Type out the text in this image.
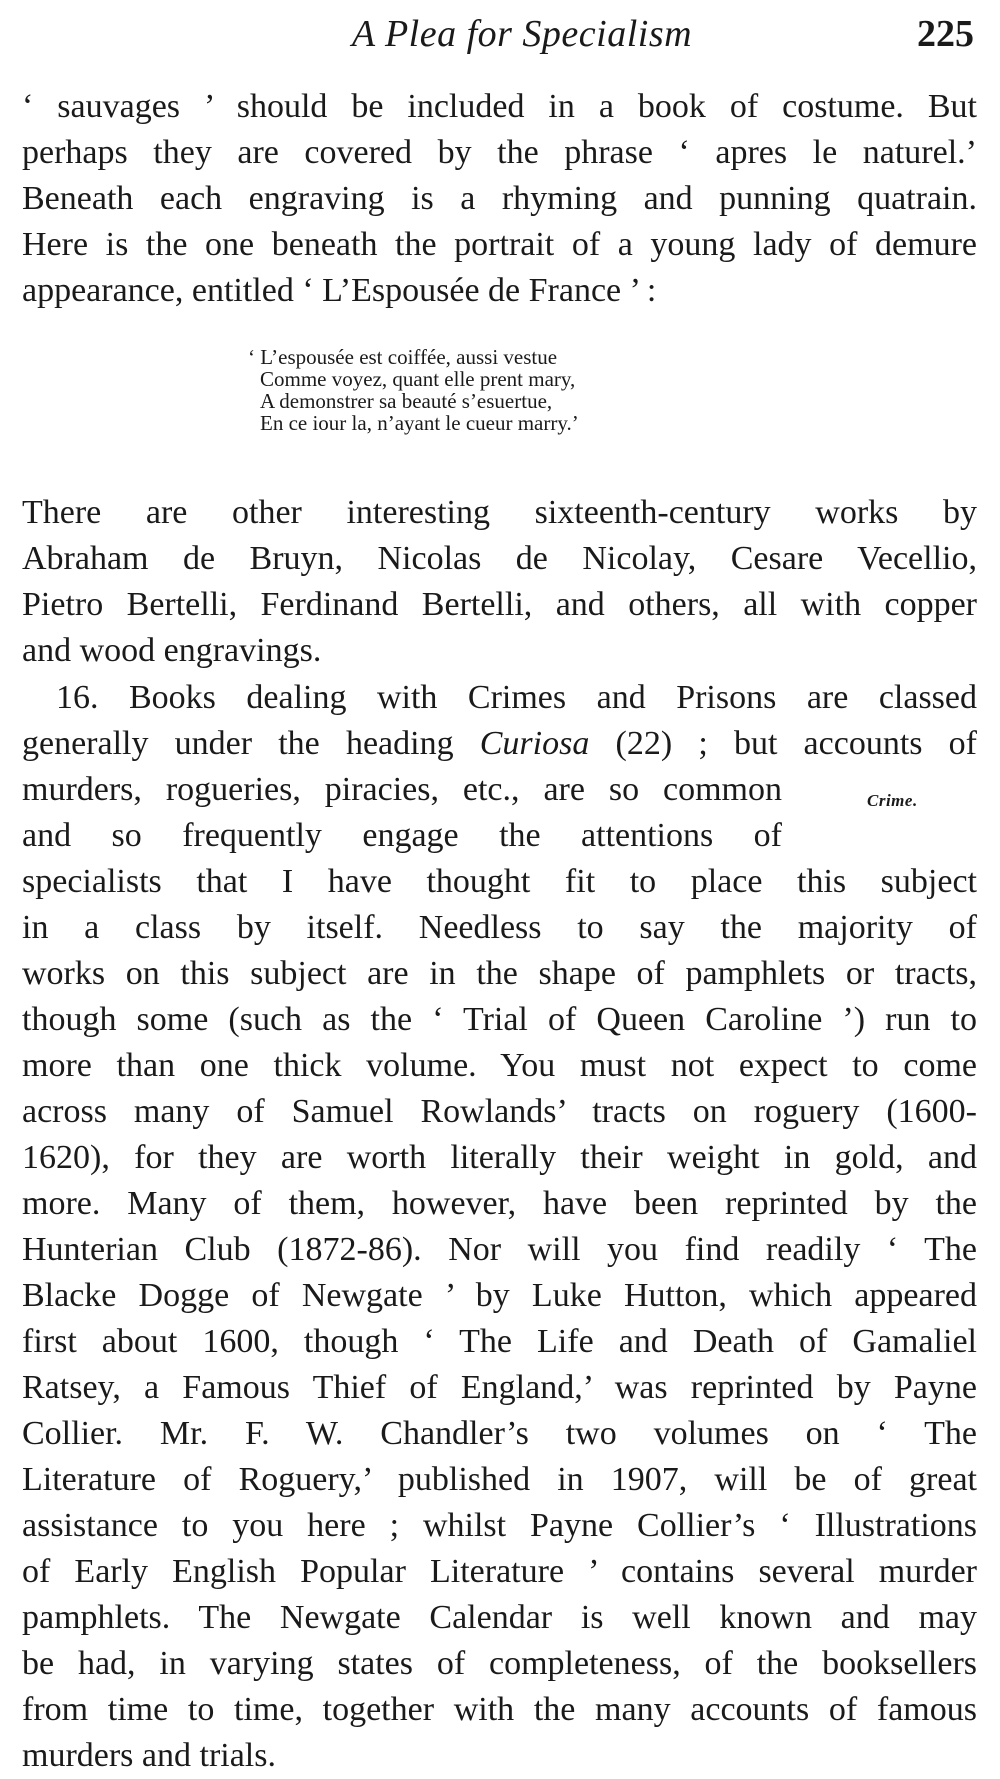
A Plea for Specialism	225
‘ sauvages ’ should be included in a book of costume. But
perhaps they are covered by the phrase ‘ apres le naturel.’
Beneath each engraving is a rhyming and punning quatrain.
Here is the one beneath the portrait of a young lady of demure
appearance, entitled ‘ L’Espousée de France ’ :
‘ L’espousée est coiffée, aussi vestue
Comme voyez, quant elle prent mary,
A demonstrer sa beauté s’esuertue,
En ce iour la, n’ayant le cueur marry.’
There are other interesting sixteenth-century works by
Abraham de Bruyn, Nicolas de Nicolay, Cesare Vecellio,
Pietro Bertelli, Ferdinand Bertelli, and others, all with copper
and wood engravings.
16. Books dealing with Crimes and Prisons are classed
generally under the heading Curiosa (22) ; but accounts of
murders, rogueries, piracies, etc., are so common
and so frequently engage the attentions of
specialists that I have thought fit to place this subject
in a class by itself. Needless to say the majority of
works on this subject are in the shape of pamphlets or tracts,
though some (such as the ‘ Trial of Queen Caroline ’) run to
more than one thick volume. You must not expect to come
across many of Samuel Rowlands’ tracts on roguery (1600-
1620), for they are worth literally their weight in gold, and
more. Many of them, however, have been reprinted by the
Hunterian Club (1872-86). Nor will you find readily ‘ The
Blacke Dogge of Newgate ’ by Luke Hutton, which appeared
first about 1600, though ‘ The Life and Death of Gamaliel
Ratsey, a Famous Thief of England,’ was reprinted by Payne
Collier. Mr. F. W. Chandler’s two volumes on ‘ The
Literature of Roguery,’ published in 1907, will be of great
assistance to you here ; whilst Payne Collier’s ‘ Illustrations
of Early English Popular Literature ’ contains several murder
pamphlets. The Newgate Calendar is well known and may
be had, in varying states of completeness, of the booksellers
from time to time, together with the many accounts of famous
murders and trials.
Crime.
